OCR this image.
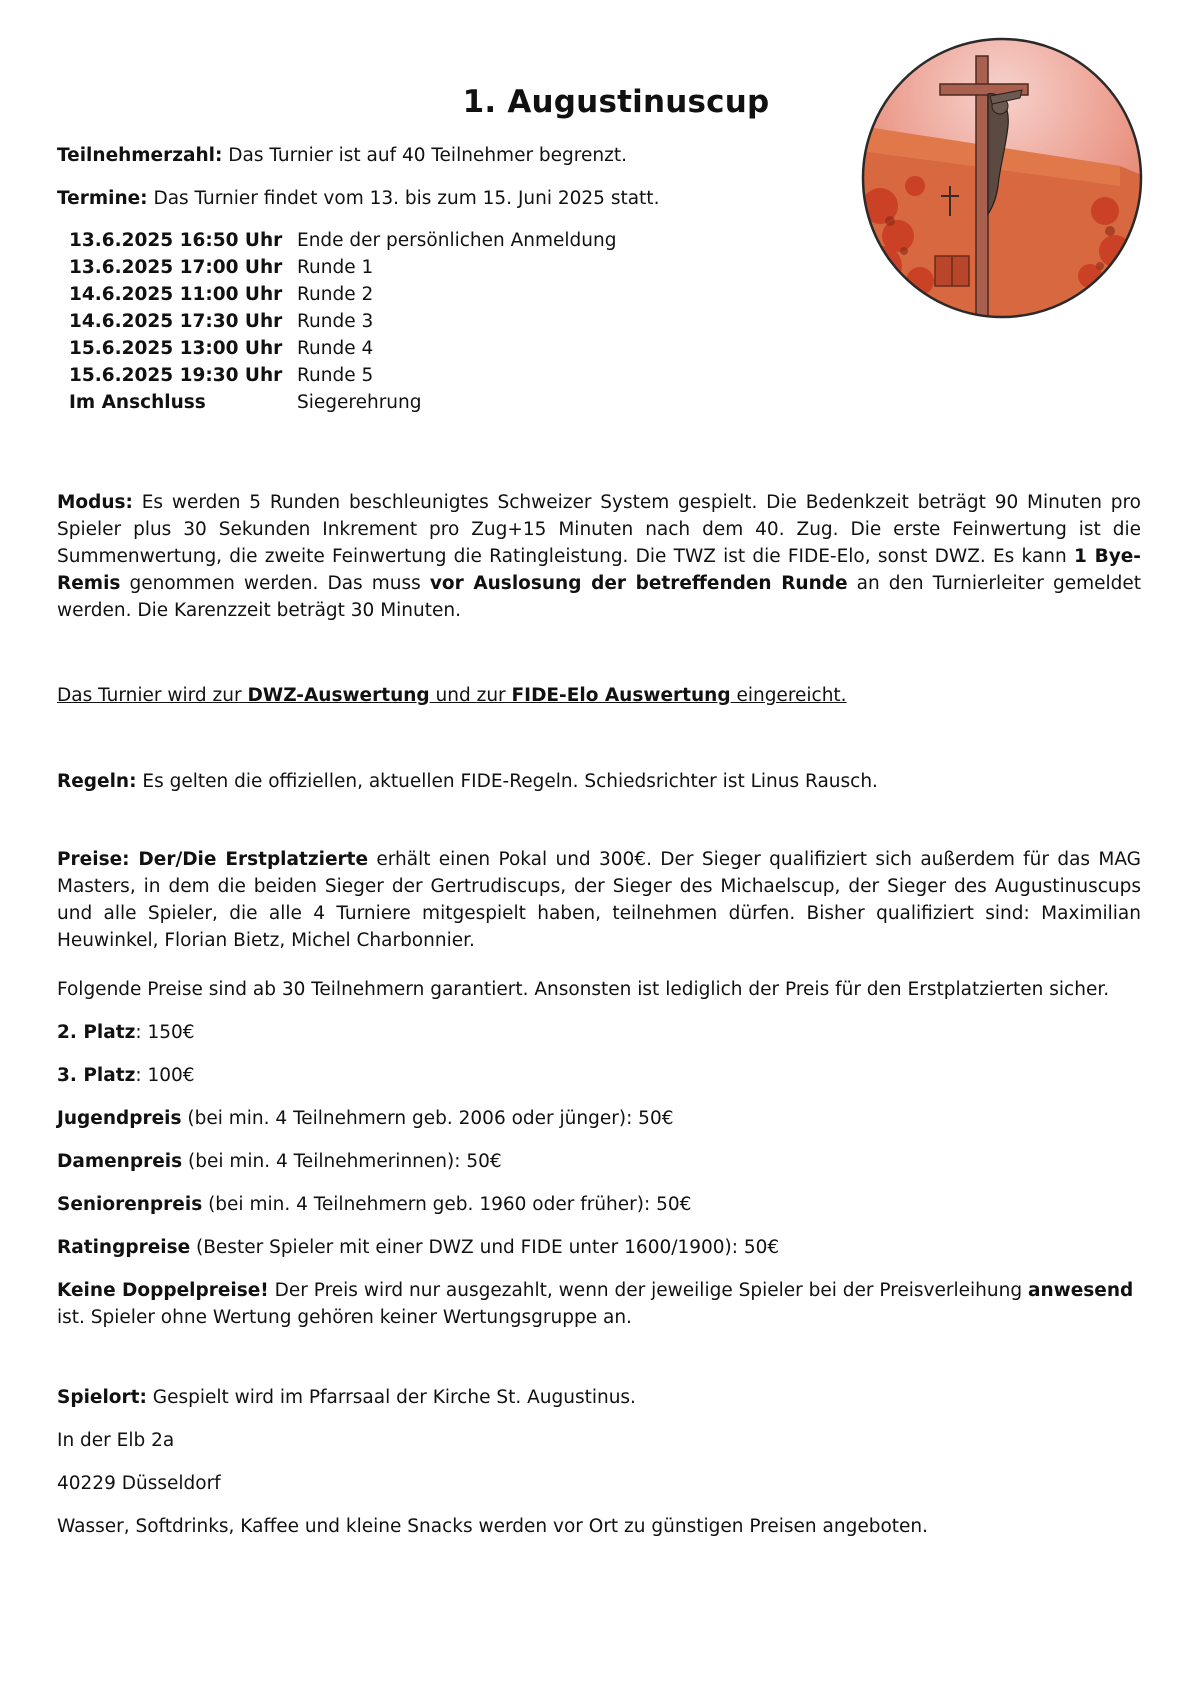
1. Augustinuscup

Teilnehmerzahl: Das Turnier ist auf 40 Teilnehmer begrenzt.

Termine: Das Turnier findet vom 13. bis zum 15. Juni 2025 statt.

13.6.2025 16:50 Uhr Ende der persönlichen Anmeldung
13.6.2025 17:00 Uhr Runde 1
14.6.2025 11:00 Uhr Runde 2
14.6.2025 17:30 Uhr Runde 3
15.6.2025 13:00 Uhr Runde 4
15.6.2025 19:30 Uhr Runde 5
Im Anschluss	Siegerehrung

Modus: Es werden 5 Runden beschleunigtes Schweizer System gespielt. Die Bedenkzeit beträgt 90 Minuten pro Spieler plus 30 Sekunden Inkrement pro Zug+15 Minuten nach dem 40. Zug. Die erste Feinwertung ist die Summenwertung, die zweite Feinwertung die Ratingleistung. Die TWZ ist die FIDE-Elo, sonst DWZ. Es kann 1 Bye-Remis genommen werden. Das muss vor Auslosung der betreffenden Runde an den Turnierleiter gemeldet werden. Die Karenzzeit beträgt 30 Minuten.

Das Turnier wird zur DWZ-Auswertung und zur FIDE-Elo Auswertung eingereicht.

Regeln: Es gelten die offiziellen, aktuellen FIDE-Regeln. Schiedsrichter ist Linus Rausch.

Preise: Der/Die Erstplatzierte erhält einen Pokal und 300€. Der Sieger qualifiziert sich außerdem für das MAG Masters, in dem die beiden Sieger der Gertrudiscups, der Sieger des Michaelscup, der Sieger des Augustinuscups und alle Spieler, die alle 4 Turniere mitgespielt haben, teilnehmen dürfen. Bisher qualifiziert sind: Maximilian Heuwinkel, Florian Bietz, Michel Charbonnier.

Folgende Preise sind ab 30 Teilnehmern garantiert. Ansonsten ist lediglich der Preis für den Erstplatzierten sicher.

2. Platz: 150€

3. Platz: 100€

Jugendpreis (bei min. 4 Teilnehmern geb. 2006 oder jünger): 50€

Damenpreis (bei min. 4 Teilnehmerinnen): 50€

Seniorenpreis (bei min. 4 Teilnehmern geb. 1960 oder früher): 50€

Ratingpreise (Bester Spieler mit einer DWZ und FIDE unter 1600/1900): 50€

Keine Doppelpreise! Der Preis wird nur ausgezahlt, wenn der jeweilige Spieler bei der Preisverleihung anwesend ist. Spieler ohne Wertung gehören keiner Wertungsgruppe an.

Spielort: Gespielt wird im Pfarrsaal der Kirche St. Augustinus.

In der Elb 2a

40229 Düsseldorf

Wasser, Softdrinks, Kaffee und kleine Snacks werden vor Ort zu günstigen Preisen angeboten.
